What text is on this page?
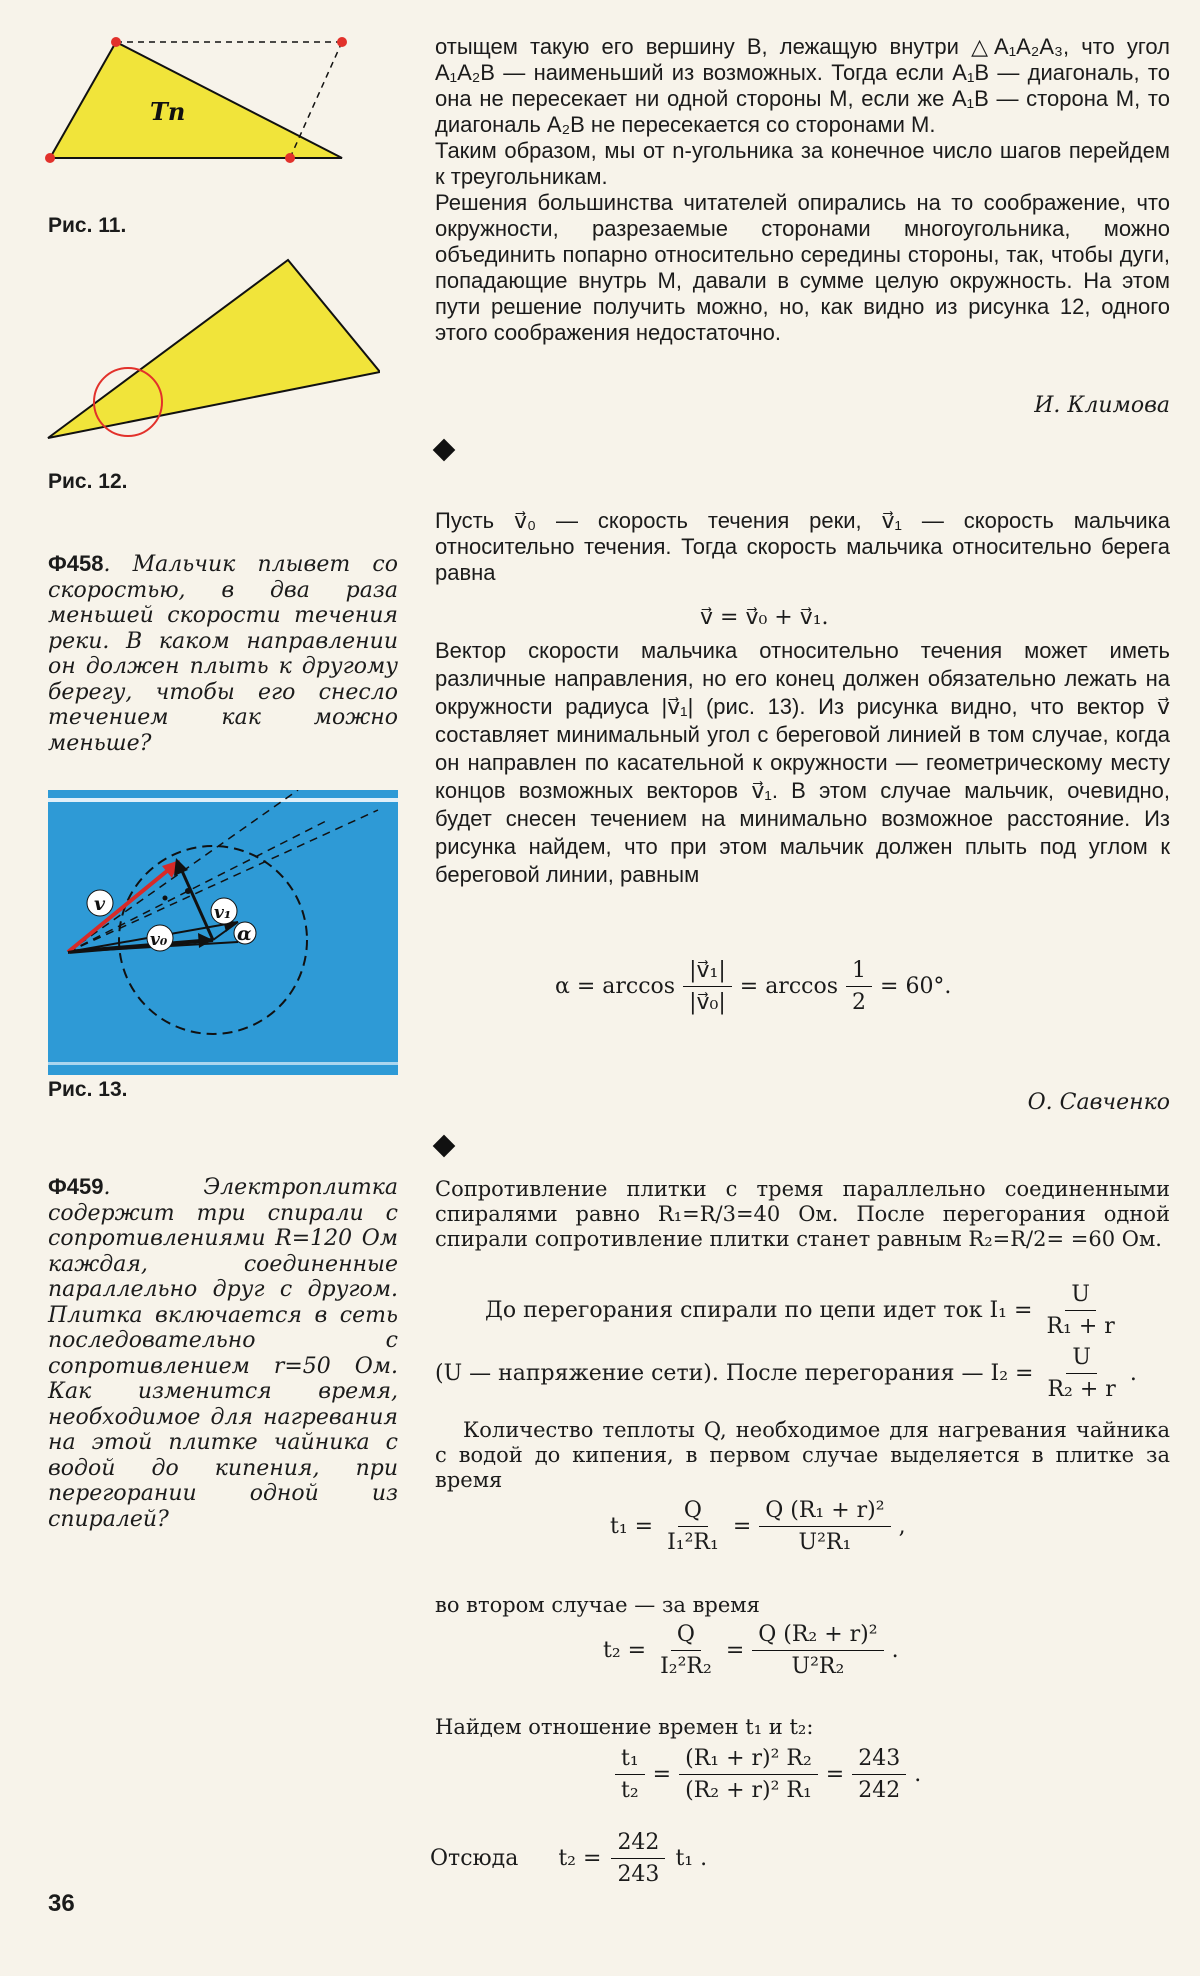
Tn
Рис. 11.
Рис. 12.
Ф458. Мальчик плывет со скоростью, в два раза меньшей скорости течения реки. В каком направлении он должен плыть к другому берегу, чтобы его снесло течением как можно меньше?
v₀
v	v₁
α
Рис. 13.
Ф459. Электроплитка содержит три спирали с сопротивлениями R=120 Ом каждая, соединенные параллельно друг с другом. Плитка включается в сеть последовательно с сопротивлением r=50 Ом. Как изменится время, необходимое для нагревания на этой плитке чайника с водой до кипения, при перегорании одной из спиралей?
36

отыщем такую его вершину B, лежащую внутри △A₁A₂A₃, что угол A₁A₂B — наименьший из возможных. Тогда если A₁B — диагональ, то она не пересекает ни одной стороны M, если же A₁B — сторона M, то диагональ A₂B не пересекается со сторонами M.

Таким образом, мы от n-угольника за конечное число шагов перейдем к треугольникам.

Решения большинства читателей опирались на то соображение, что окружности, разрезаемые сторонами многоугольника, можно объединить попарно относительно середины стороны, так, чтобы дуги, попадающие внутрь M, давали в сумме целую окружность. На этом пути решение получить можно, но, как видно из рисунка 12, одного этого соображения недостаточно.

И. Климова
Пусть v⃗₀ — скорость течения реки, v⃗₁ — скорость мальчика относительно течения. Тогда скорость мальчика относительно берега равна
v⃗ = v⃗₀ + v⃗₁.
Вектор скорости мальчика относительно течения может иметь различные направления, но его конец должен обязательно лежать на окружности радиуса |v⃗₁| (рис. 13). Из рисунка видно, что вектор v⃗ составляет минимальный угол с береговой линией в том случае, когда он направлен по касательной к окружности — геометрическому месту концов возможных векторов v⃗₁. В этом случае мальчик, очевидно, будет снесен течением на минимально возможное расстояние. Из рисунка найдем, что при этом мальчик должен плыть под углом к береговой линии, равным
$\alpha = \arccos \frac{\text{|v⃗₁|}}{\text{|v⃗₀|}} = \arccos \frac{1}{2} = 60^\circ$.
О. Савченко
Сопротивление плитки с тремя параллельно соединенными спиралями равно R₁=R/3=40 Ом. После перегорания одной спирали сопротивление плитки станет равным R₂=R/2= =60 Ом.
До перегорания спирали по цепи идет ток $I_1 = \frac{U}{\text{R₁ + r}}$
(U — напряжение сети). После перегорания — $I_2 = \frac{U}{\text{R₂ + r}}$ .
Количество теплоты Q, необходимое для нагревания чайника с водой до кипения, в первом случае выделяется в плитке за время
$t_1 = \frac{Q}{\text{I₁²R₁}} = \frac{\text{Q (R₁ + r)²}}{\text{U²R₁}}$ ,
во втором случае — за время
$t_2 = \frac{Q}{\text{I₂²R₂}} = \frac{\text{Q (R₂ + r)²}}{\text{U²R₂}}$ .
Найдем отношение времен t₁ и t₂:
$\frac{\text{t₁}}{\text{t₂}} = \frac{\text{(R₁ + r)² R₂}}{\text{(R₂ + r)² R₁}} = \frac{243}{242}$ .
Отсюда $t_2 = \frac{242}{243} t_1$ .
